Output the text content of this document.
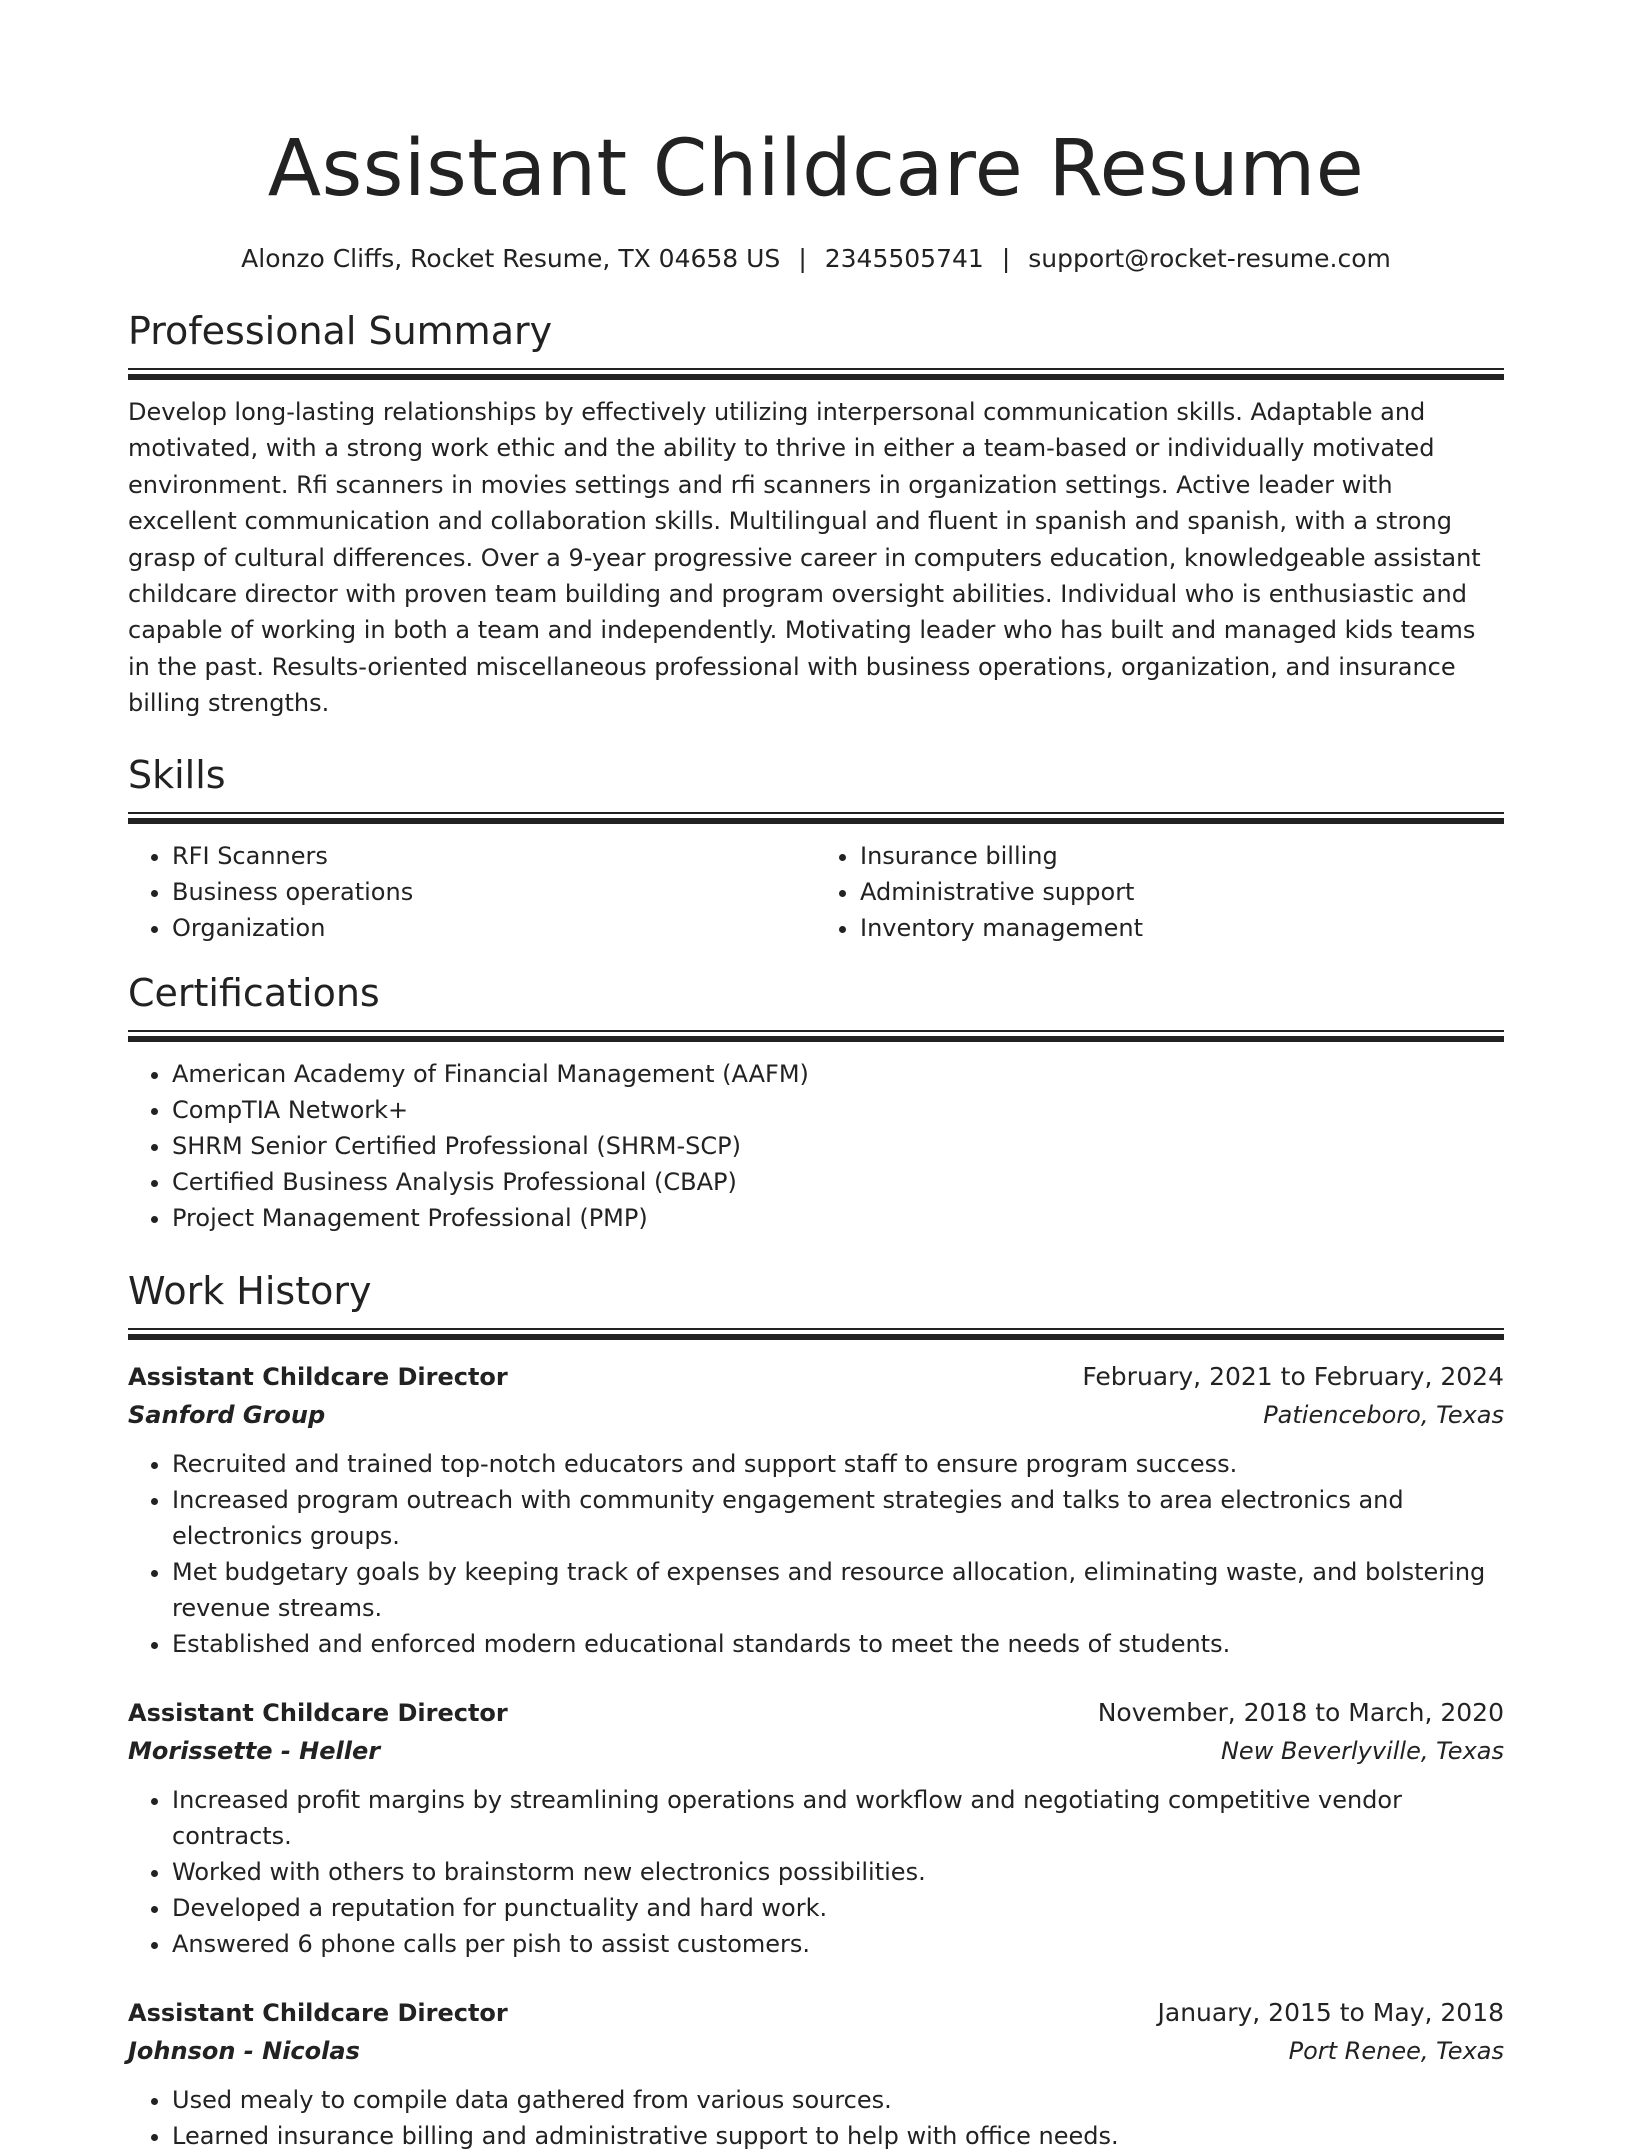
Assistant Childcare Resume
Alonzo Cliffs, Rocket Resume, TX 04658 US | 2345505741 | support@rocket-resume.com
Professional Summary

Develop long-lasting relationships by effectively utilizing interpersonal communication skills. Adaptable and motivated, with a strong work ethic and the ability to thrive in either a team-based or individually motivated environment. Rfi scanners in movies settings and rfi scanners in organization settings. Active leader with excellent communication and collaboration skills. Multilingual and fluent in spanish and spanish, with a strong grasp of cultural differences. Over a 9-year progressive career in computers education, knowledgeable assistant childcare director with proven team building and program oversight abilities. Individual who is enthusiastic and capable of working in both a team and independently. Motivating leader who has built and managed kids teams in the past. Results-oriented miscellaneous professional with business operations, organization, and insurance billing strengths.

Skills
• RFI Scanners
• Business operations
• Organization
• Insurance billing
• Administrative support
• Inventory management
Certifications
• American Academy of Financial Management (AAFM)
• CompTIA Network+
• SHRM Senior Certified Professional (SHRM-SCP)
• Certified Business Analysis Professional (CBAP)
• Project Management Professional (PMP)
Work History
Assistant Childcare Director	February, 2021 to February, 2024
Sanford Group	Patienceboro, Texas
• Recruited and trained top-notch educators and support staff to ensure program success.
• Increased program outreach with community engagement strategies and talks to area electronics and electronics groups.
• Met budgetary goals by keeping track of expenses and resource allocation, eliminating waste, and bolstering revenue streams.
• Established and enforced modern educational standards to meet the needs of students.
Assistant Childcare Director	November, 2018 to March, 2020
Morissette - Heller	New Beverlyville, Texas
• Increased profit margins by streamlining operations and workflow and negotiating competitive vendor contracts.
• Worked with others to brainstorm new electronics possibilities.
• Developed a reputation for punctuality and hard work.
• Answered 6 phone calls per pish to assist customers.
Assistant Childcare Director	January, 2015 to May, 2018
Johnson - Nicolas	Port Renee, Texas
• Used mealy to compile data gathered from various sources.
• Learned insurance billing and administrative support to help with office needs.
